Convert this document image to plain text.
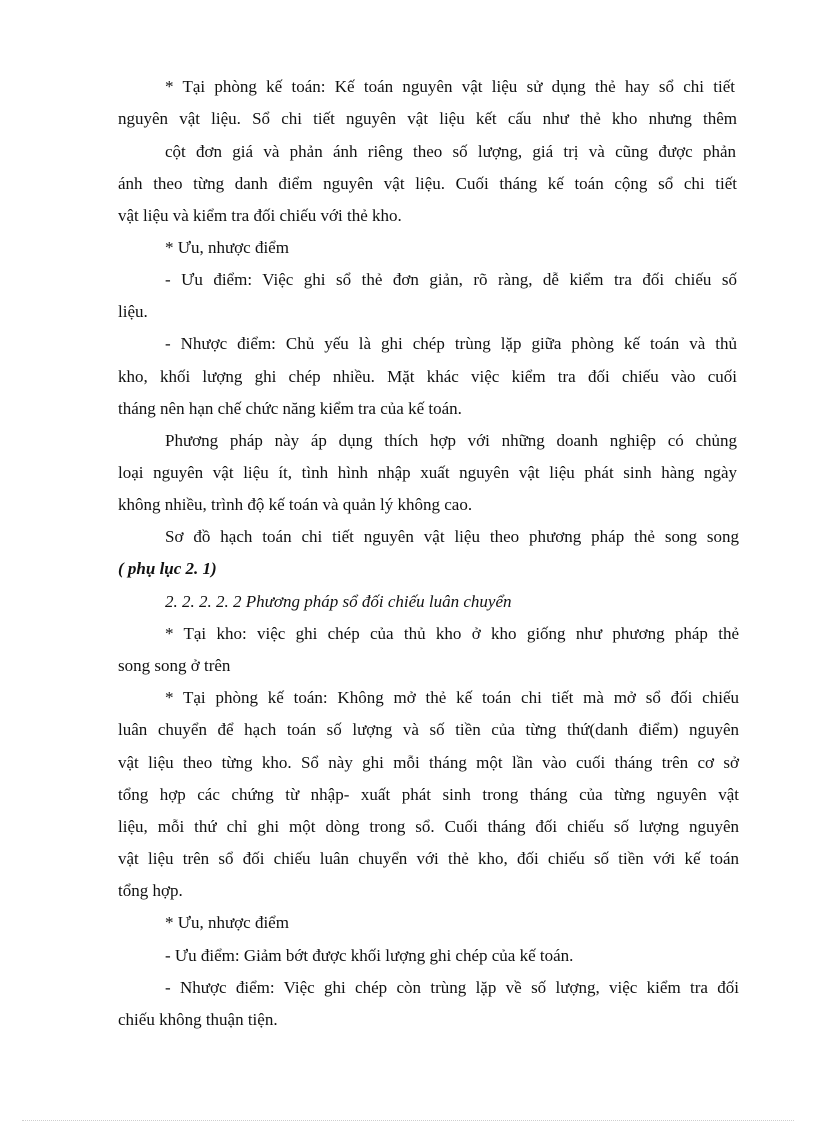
* Tại phòng kế toán: Kế toán nguyên vật liệu sử dụng thẻ hay sổ chi tiết
nguyên vật liệu. Sổ chi tiết nguyên vật liệu kết cấu như thẻ kho nhưng thêm
cột đơn giá và phản ánh riêng theo số lượng, giá trị và cũng được phản
ánh theo từng danh điểm nguyên vật liệu. Cuối tháng kế toán cộng sổ chi tiết
vật liệu và kiểm tra đối chiếu với thẻ kho.
* Ưu, nhược điểm
- Ưu điểm: Việc ghi sổ thẻ đơn giản, rõ ràng, dễ kiểm tra đối chiếu số
liệu.
- Nhược điểm: Chủ yếu là ghi chép trùng lặp giữa phòng kế toán và thủ
kho, khối lượng ghi chép nhiều. Mặt khác việc kiểm tra đối chiếu vào cuối
tháng nên hạn chế chức năng kiểm tra của kế toán.
Phương pháp này áp dụng thích hợp với những doanh nghiệp có chủng
loại nguyên vật liệu ít, tình hình nhập xuất nguyên vật liệu phát sinh hàng ngày
không nhiều, trình độ kế toán và quản lý không cao.
Sơ đồ hạch toán chi tiết nguyên vật liệu theo phương pháp thẻ song song
( phụ lục 2. 1)
2. 2. 2. 2. 2 Phương pháp sổ đối chiếu luân chuyển
* Tại kho: việc ghi chép của thủ kho ở kho giống như phương pháp thẻ
song song ở trên
* Tại phòng kế toán: Không mở thẻ kế toán chi tiết mà mở sổ đối chiếu
luân chuyển để hạch toán số lượng và số tiền của từng thứ(danh điểm) nguyên
vật liệu theo từng kho. Sổ này ghi mỗi tháng một lần vào cuối tháng trên cơ sở
tổng hợp các chứng từ nhập- xuất phát sinh trong tháng của từng nguyên vật
liệu, mỗi thứ chỉ ghi một dòng trong sổ. Cuối tháng đối chiếu số lượng nguyên
vật liệu trên sổ đối chiếu luân chuyển với thẻ kho, đối chiếu số tiền với kế toán
tổng hợp.
* Ưu, nhược điểm
- Ưu điểm: Giảm bớt được khối lượng ghi chép của kế toán.
- Nhược điểm: Việc ghi chép còn trùng lặp về số lượng, việc kiểm tra đối
chiếu không thuận tiện.
